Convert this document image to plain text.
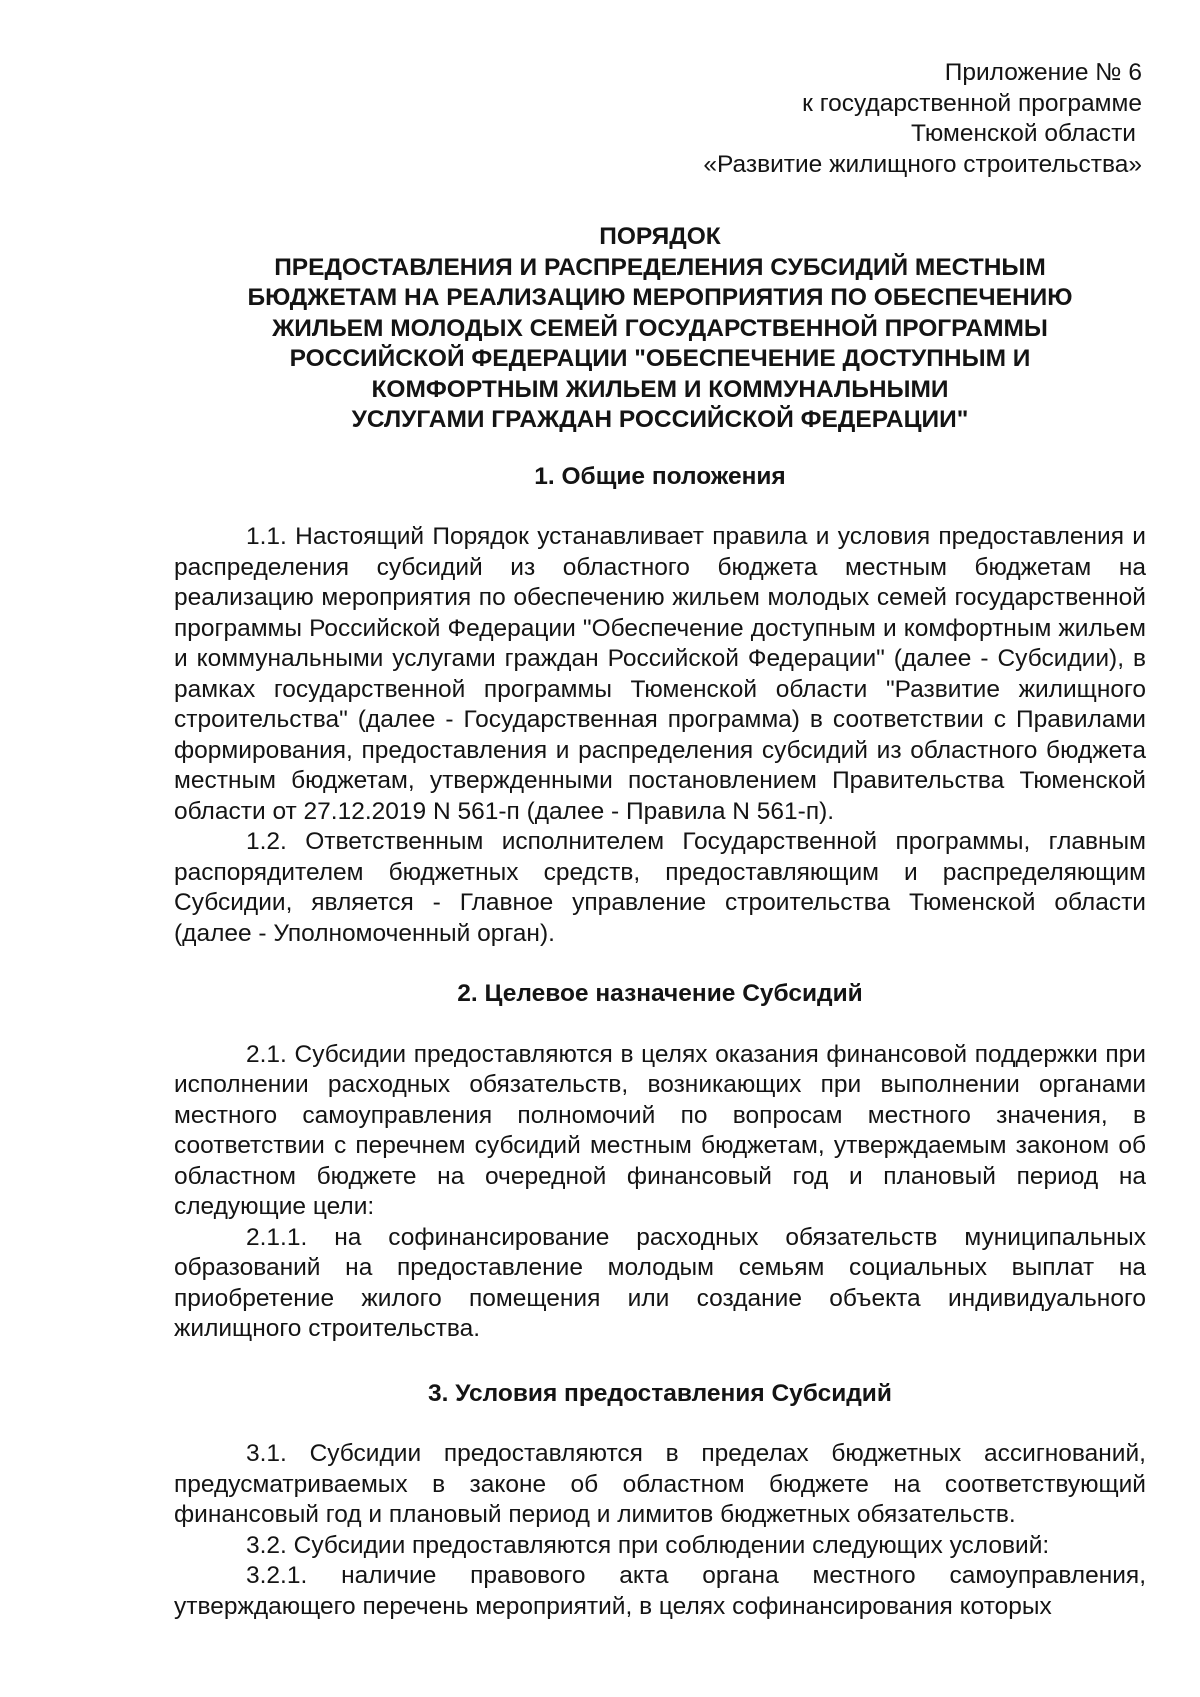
Приложение № 6
к государственной программе
Тюменской области
«Развитие жилищного строительства»
ПОРЯДОК
ПРЕДОСТАВЛЕНИЯ И РАСПРЕДЕЛЕНИЯ СУБСИДИЙ МЕСТНЫМ
БЮДЖЕТАМ НА РЕАЛИЗАЦИЮ МЕРОПРИЯТИЯ ПО ОБЕСПЕЧЕНИЮ
ЖИЛЬЕМ МОЛОДЫХ СЕМЕЙ ГОСУДАРСТВЕННОЙ ПРОГРАММЫ
РОССИЙСКОЙ ФЕДЕРАЦИИ "ОБЕСПЕЧЕНИЕ ДОСТУПНЫМ И
КОМФОРТНЫМ ЖИЛЬЕМ И КОММУНАЛЬНЫМИ
УСЛУГАМИ ГРАЖДАН РОССИЙСКОЙ ФЕДЕРАЦИИ"
1. Общие положения

1.1. Настоящий Порядок устанавливает правила и условия предоставления и распределения субсидий из областного бюджета местным бюджетам на реализацию мероприятия по обеспечению жильем молодых семей государственной программы Российской Федерации "Обеспечение доступным и комфортным жильем и коммунальными услугами граждан Российской Федерации" (далее - Субсидии), в рамках государственной программы Тюменской области "Развитие жилищного строительства" (далее - Государственная программа) в соответствии с Правилами формирования, предоставления и распределения субсидий из областного бюджета местным бюджетам, утвержденными постановлением Правительства Тюменской области от 27.12.2019 N 561-п (далее - Правила N 561-п).

1.2. Ответственным исполнителем Государственной программы, главным распорядителем бюджетных средств, предоставляющим и распределяющим Субсидии, является - Главное управление строительства Тюменской области (далее - Уполномоченный орган).

2. Целевое назначение Субсидий

2.1. Субсидии предоставляются в целях оказания финансовой поддержки при исполнении расходных обязательств, возникающих при выполнении органами местного самоуправления полномочий по вопросам местного значения, в соответствии с перечнем субсидий местным бюджетам, утверждаемым законом об областном бюджете на очередной финансовый год и плановый период на следующие цели:

2.1.1. на софинансирование расходных обязательств муниципальных образований на предоставление молодым семьям социальных выплат на приобретение жилого помещения или создание объекта индивидуального жилищного строительства.

3. Условия предоставления Субсидий

3.1. Субсидии предоставляются в пределах бюджетных ассигнований, предусматриваемых в законе об областном бюджете на соответствующий финансовый год и плановый период и лимитов бюджетных обязательств.

3.2. Субсидии предоставляются при соблюдении следующих условий:

3.2.1. наличие правового акта органа местного самоуправления, утверждающего перечень мероприятий, в целях софинансирования которых
